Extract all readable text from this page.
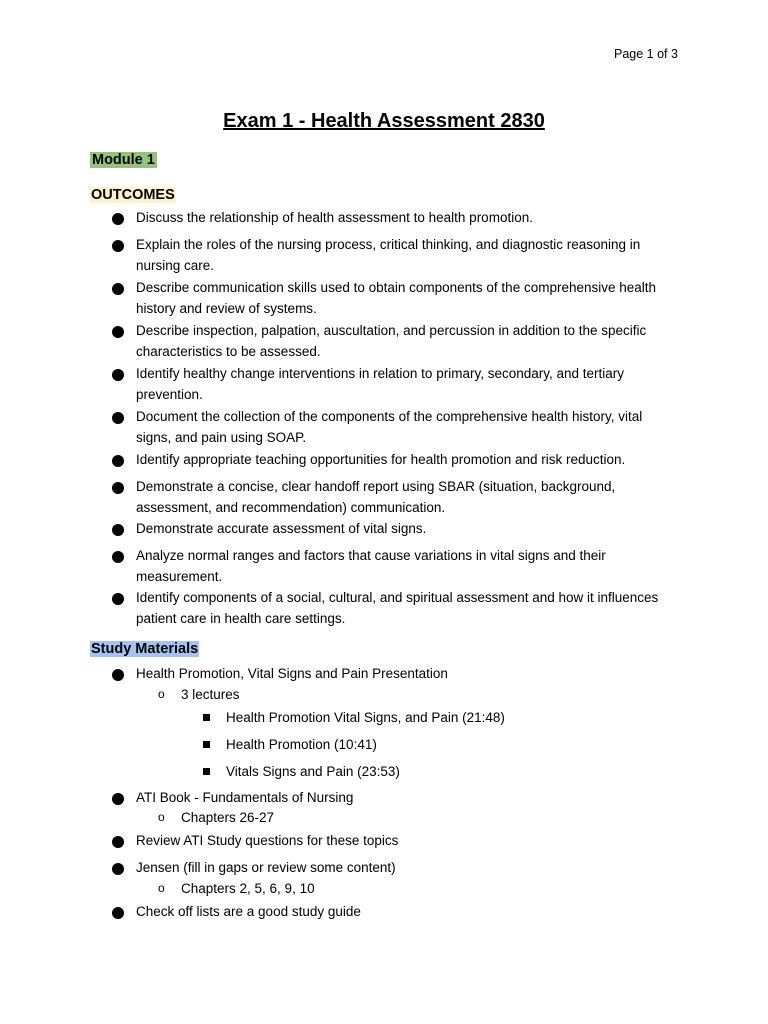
Page 1 of 3
Exam 1 - Health Assessment 2830
Module 1
OUTCOMES
Discuss the relationship of health assessment to health promotion.
Explain the roles of the nursing process, critical thinking, and diagnostic reasoning in nursing care.
Describe communication skills used to obtain components of the comprehensive health history and review of systems.
Describe inspection, palpation, auscultation, and percussion in addition to the specific characteristics to be assessed.
Identify healthy change interventions in relation to primary, secondary, and tertiary prevention.
Document the collection of the components of the comprehensive health history, vital signs, and pain using SOAP.
Identify appropriate teaching opportunities for health promotion and risk reduction.
Demonstrate a concise, clear handoff report using SBAR (situation, background, assessment, and recommendation) communication.
Demonstrate accurate assessment of vital signs.
Analyze normal ranges and factors that cause variations in vital signs and their measurement.
Identify components of a social, cultural, and spiritual assessment and how it influences patient care in health care settings.
Study Materials
Health Promotion, Vital Signs and Pain Presentation
o 3 lectures
Health Promotion Vital Signs, and Pain (21:48)
Health Promotion (10:41)
Vitals Signs and Pain (23:53)
ATI Book - Fundamentals of Nursing
o Chapters 26-27
Review ATI Study questions for these topics
Jensen (fill in gaps or review some content)
o Chapters 2, 5, 6, 9, 10
Check off lists are a good study guide
